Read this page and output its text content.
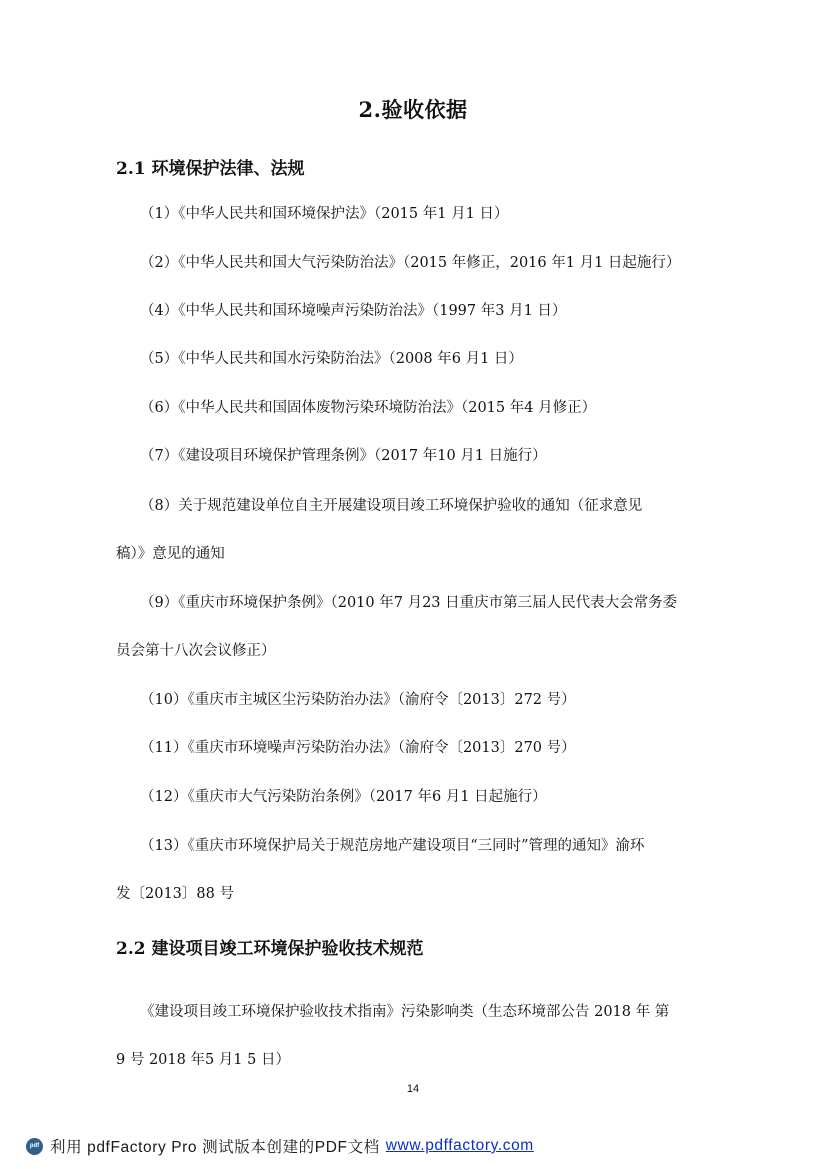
2.验收依据
2.1 环境保护法律、法规
（1）《中华人民共和国环境保护法》（2015 年1 月1 日）
（2）《中华人民共和国大气污染防治法》（2015 年修正，2016 年1 月1 日起施行）
（4）《中华人民共和国环境噪声污染防治法》（1997 年3 月1 日）
（5）《中华人民共和国水污染防治法》（2008 年6 月1 日）
（6）《中华人民共和国固体废物污染环境防治法》（2015 年4 月修正）
（7）《建设项目环境保护管理条例》（2017 年10 月1 日施行）
（8）关于规范建设单位自主开展建设项目竣工环境保护验收的通知（征求意见
稿）》意见的通知
（9）《重庆市环境保护条例》（2010 年7 月23 日重庆市第三届人民代表大会常务委
员会第十八次会议修正）
（10）《重庆市主城区尘污染防治办法》（渝府令〔2013〕272 号）
（11）《重庆市环境噪声污染防治办法》（渝府令〔2013〕270 号）
（12）《重庆市大气污染防治条例》（2017 年6 月1 日起施行）
（13）《重庆市环境保护局关于规范房地产建设项目“三同时”管理的通知》渝环
发〔2013〕88 号
2.2 建设项目竣工环境保护验收技术规范
《建设项目竣工环境保护验收技术指南》污染影响类（生态环境部公告 2018 年 第
9 号 2018 年5 月1 5 日）
14
pdf 利用 pdfFactory Pro 测试版本创建的PDF文档 www.pdffactory.com
